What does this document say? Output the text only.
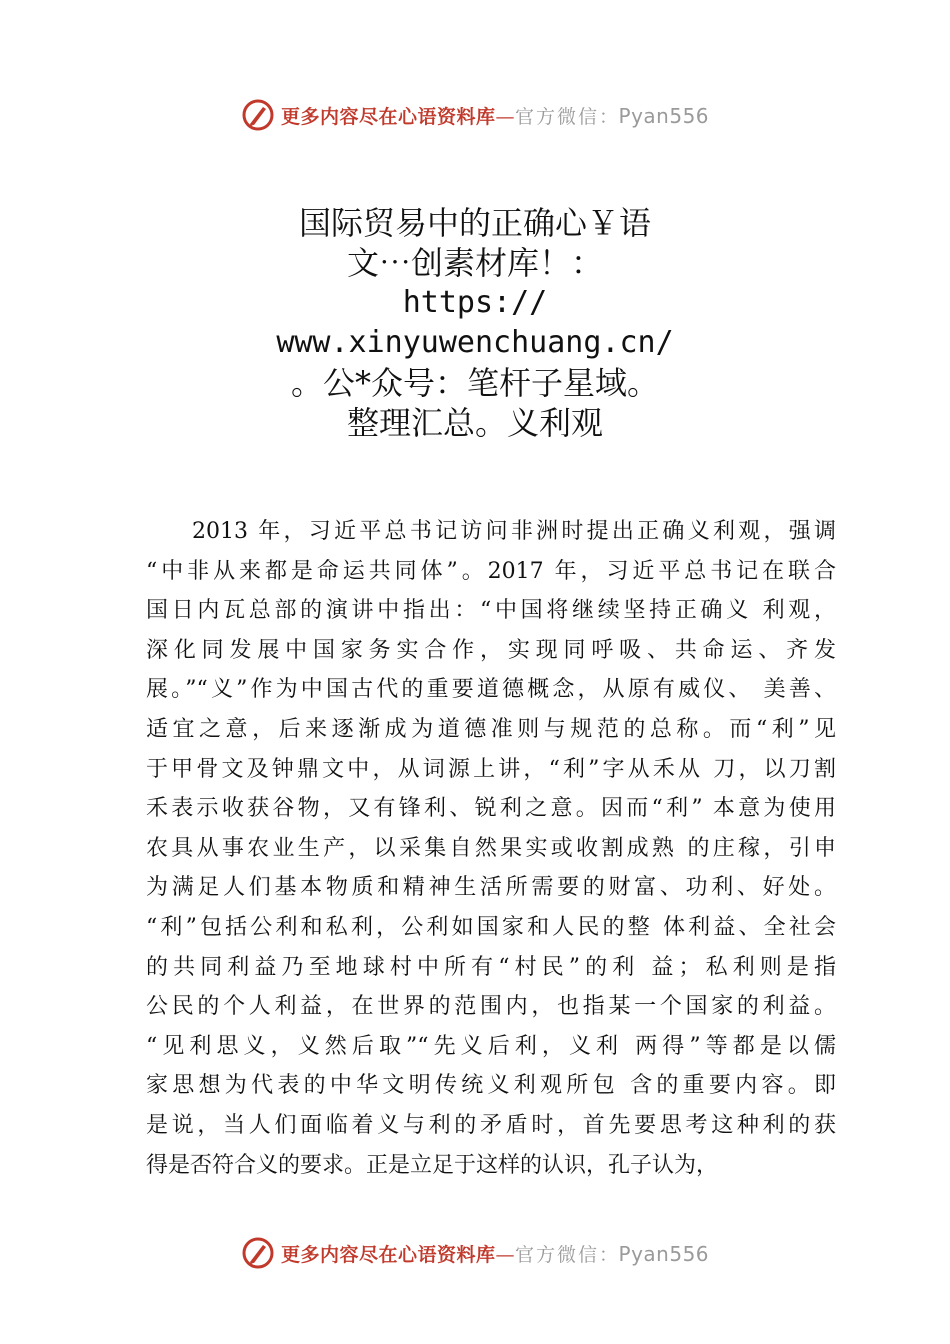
更多内容尽在心语资料库—官方微信：Pyan556
国际贸易中的正确心￥语
文⋯创素材库！：
https://
www.xinyuwenchuang.cn/
。公*众号：笔杆子星域。
整理汇总。义利观
2013 年，习近平总书记访问非洲时提出正确义利观，强调
“中非从来都是命运共同体”。2017 年，习近平总书记在联合
国日内瓦总部的演讲中指出：“中国将继续坚持正确义 利观，
深化同发展中国家务实合作，实现同呼吸、共命运、齐发
展。”“义”作为中国古代的重要道德概念，从原有威仪、 美善、
适宜之意，后来逐渐成为道德准则与规范的总称。而“利”见
于甲骨文及钟鼎文中，从词源上讲，“利”字从禾从 刀，以刀割
禾表示收获谷物，又有锋利、锐利之意。因而“利” 本意为使用
农具从事农业生产，以采集自然果实或收割成熟 的庄稼，引申
为满足人们基本物质和精神生活所需要的财富、功利、好处。
“利”包括公利和私利，公利如国家和人民的整 体利益、全社会
的共同利益乃至地球村中所有“村民”的利 益；私利则是指
公民的个人利益，在世界的范围内，也指某一个国家的利益。
“见利思义，义然后取”“先义后利，义利 两得”等都是以儒
家思想为代表的中华文明传统义利观所包 含的重要内容。即
是说，当人们面临着义与利的矛盾时，首先要思考这种利的获
得是否符合义的要求。正是立足于这样的认识，孔子认为，
更多内容尽在心语资料库—官方微信：Pyan556
